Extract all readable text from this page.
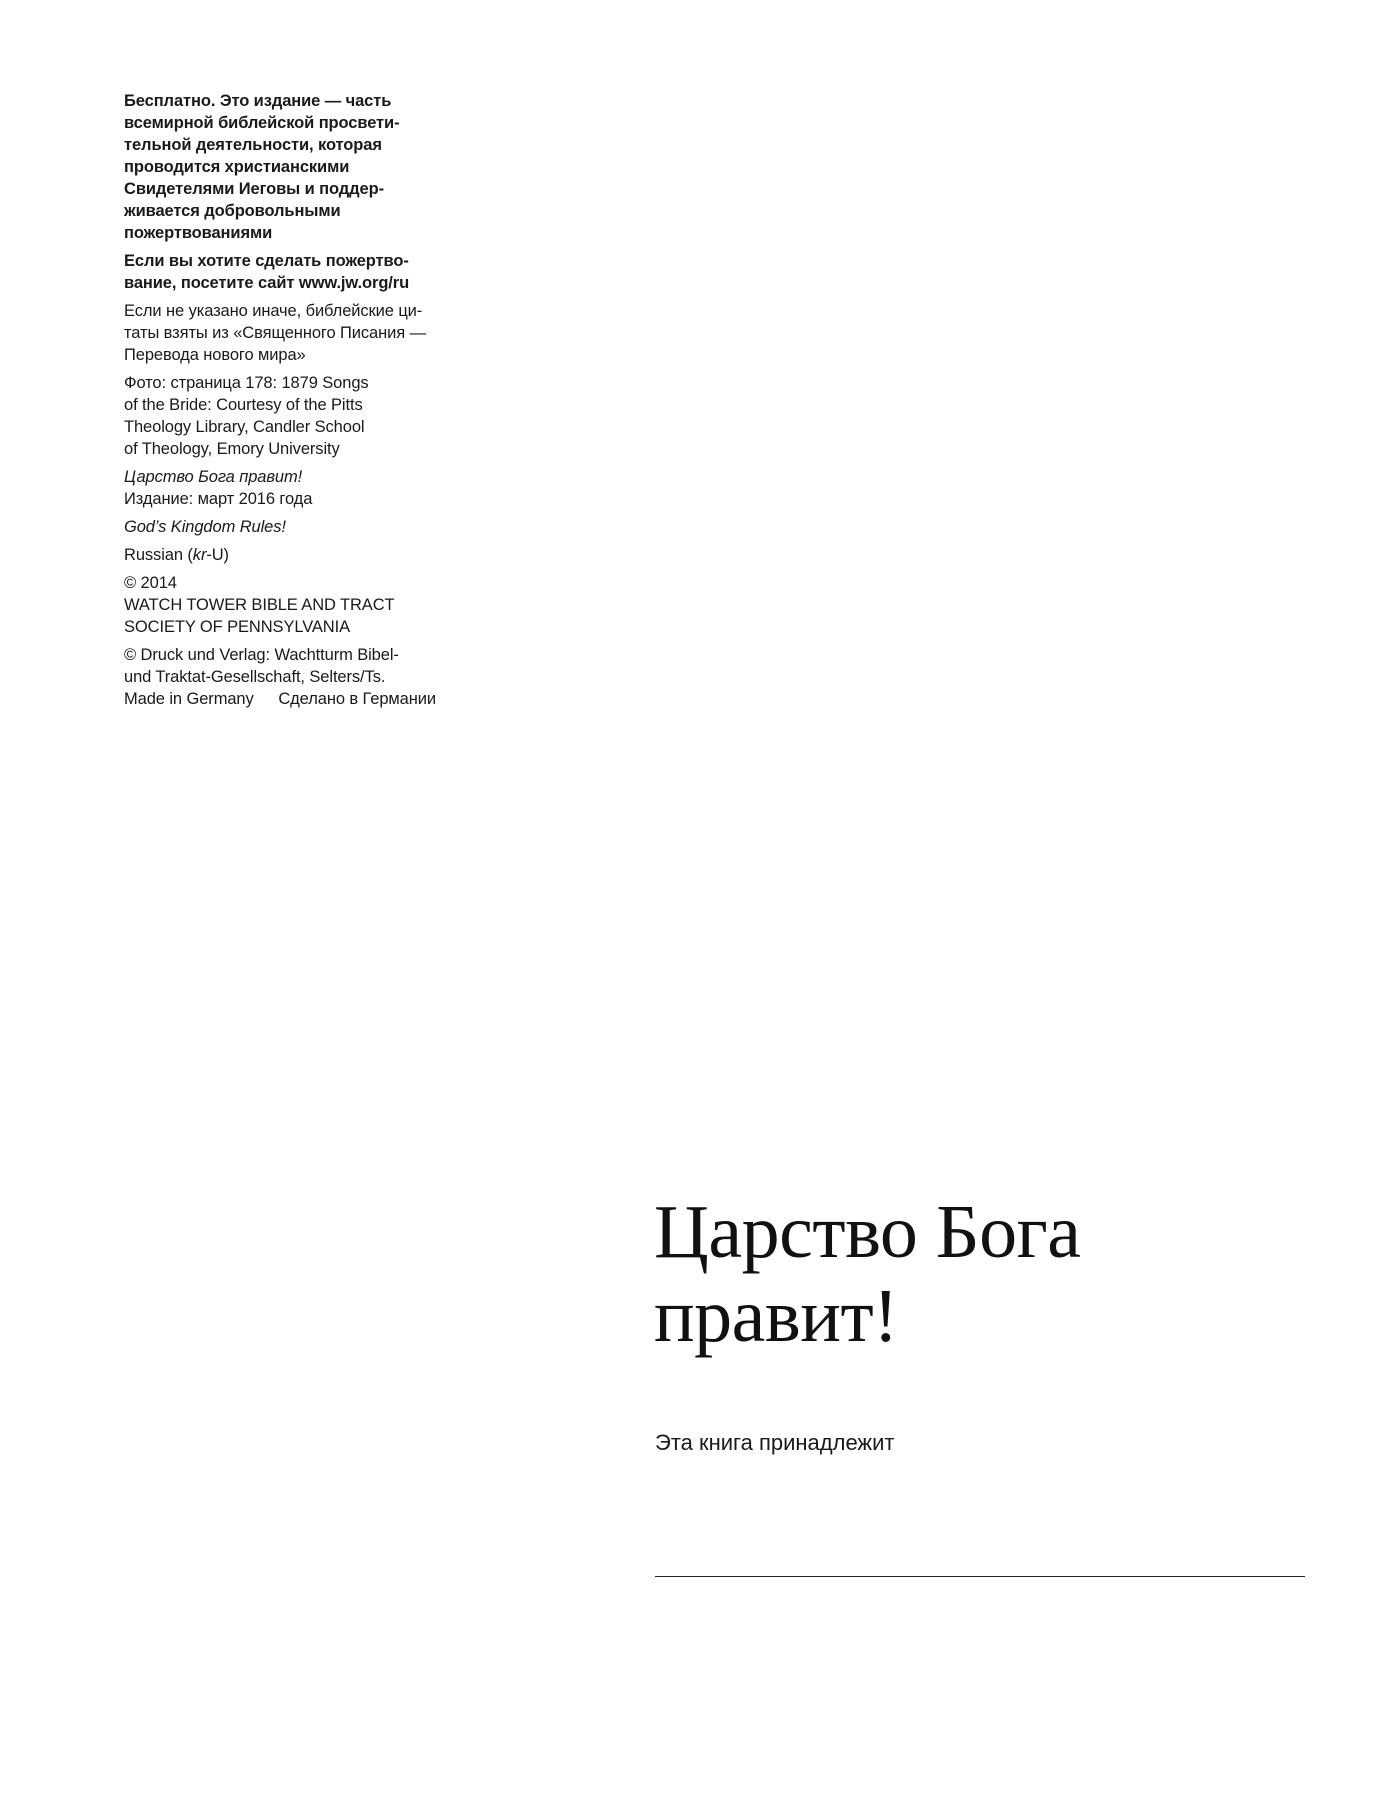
Бесплатно. Это издание — часть
всемирной библейской просвети-
тельной деятельности, которая
проводится христианскими
Свидетелями Иеговы и поддер-
живается добровольными
пожертвованиями

Если вы хотите сделать пожертво-
вание, посетите сайт www.jw.org/ru

Если не указано иначе, библейские ци-
таты взяты из «Священного Писания —
Перевода нового мира»

Фото: страница 178: 1879 Songs
of the Bride: Courtesy of the Pitts
Theology Library, Candler School
of Theology, Emory University

Царство Бога правит!
Издание: март 2016 года

God’s Kingdom Rules!

Russian (kr-U)

© 2014
WATCH TOWER BIBLE AND TRACT
SOCIETY OF PENNSYLVANIA

© Druck und Verlag: Wachtturm Bibel-
und Traktat-Gesellschaft, Selters/Ts.
Made in Germany Сделано в Германии

Царство Бога
правит!
Эта книга принадлежит
